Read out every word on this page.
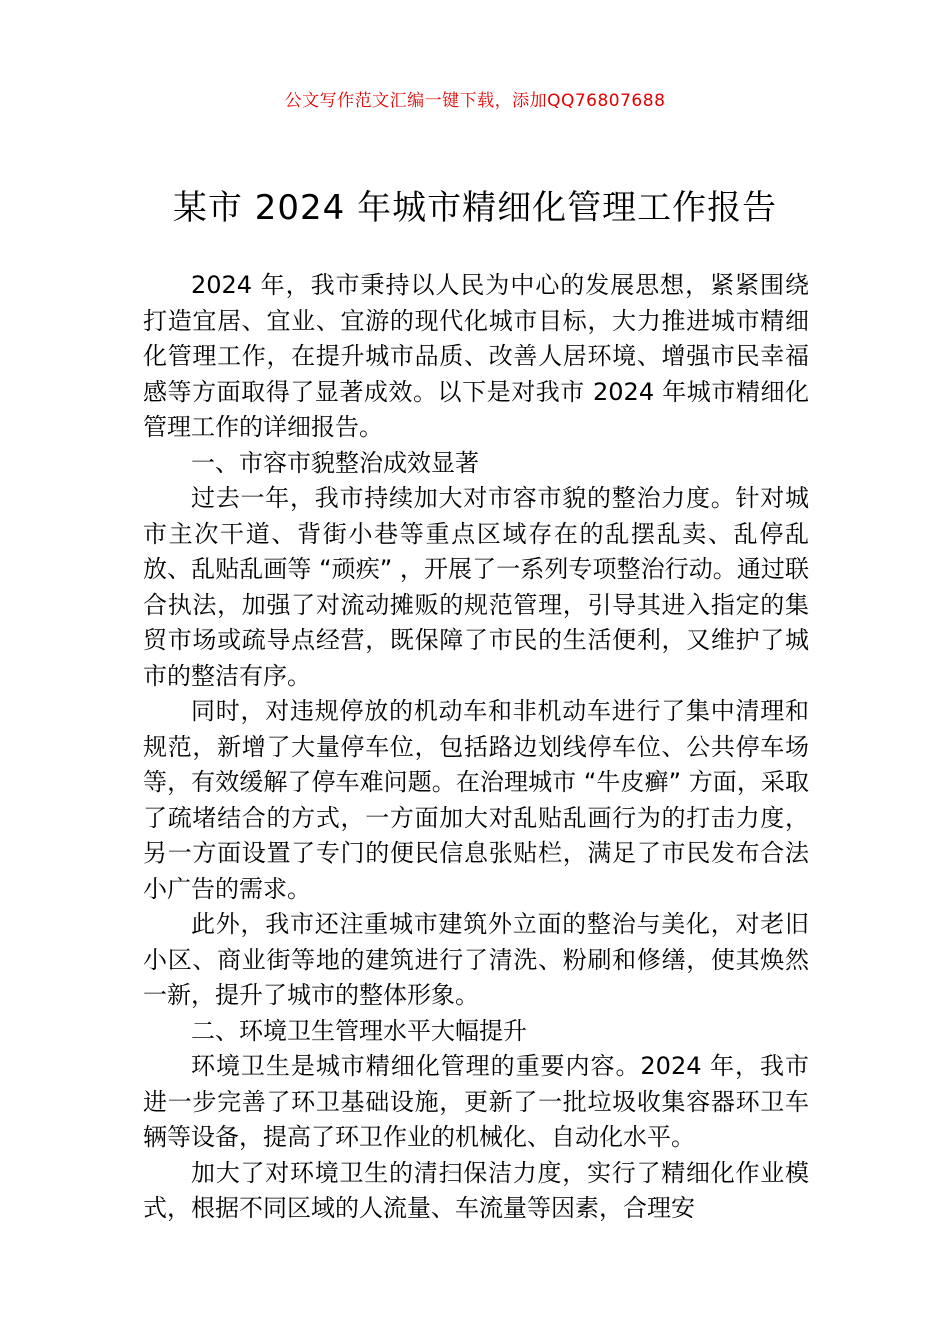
公文写作范文汇编一键下载，添加QQ76807688
某市 2024 年城市精细化管理工作报告

2024 年，我市秉持以人民为中心的发展思想，紧紧围绕打造宜居、宜业、宜游的现代化城市目标，大力推进城市精细化管理工作，在提升城市品质、改善人居环境、增强市民幸福感等方面取得了显著成效。以下是对我市 2024 年城市精细化管理工作的详细报告。

一、市容市貌整治成效显著

过去一年，我市持续加大对市容市貌的整治力度。针对城市主次干道、背街小巷等重点区域存在的乱摆乱卖、乱停乱放、乱贴乱画等 “顽疾” ，开展了一系列专项整治行动。通过联合执法，加强了对流动摊贩的规范管理，引导其进入指定的集贸市场或疏导点经营，既保障了市民的生活便利，又维护了城市的整洁有序。

同时，对违规停放的机动车和非机动车进行了集中清理和规范，新增了大量停车位，包括路边划线停车位、公共停车场等，有效缓解了停车难问题。在治理城市 “牛皮癣” 方面，采取了疏堵结合的方式，一方面加大对乱贴乱画行为的打击力度，另一方面设置了专门的便民信息张贴栏，满足了市民发布合法小广告的需求。

此外，我市还注重城市建筑外立面的整治与美化，对老旧小区、商业街等地的建筑进行了清洗、粉刷和修缮，使其焕然一新，提升了城市的整体形象。

二、环境卫生管理水平大幅提升

环境卫生是城市精细化管理的重要内容。2024 年，我市进一步完善了环卫基础设施，更新了一批垃圾收集容器环卫车辆等设备，提高了环卫作业的机械化、自动化水平。

加大了对环境卫生的清扫保洁力度，实行了精细化作业模式，根据不同区域的人流量、车流量等因素，合理安
